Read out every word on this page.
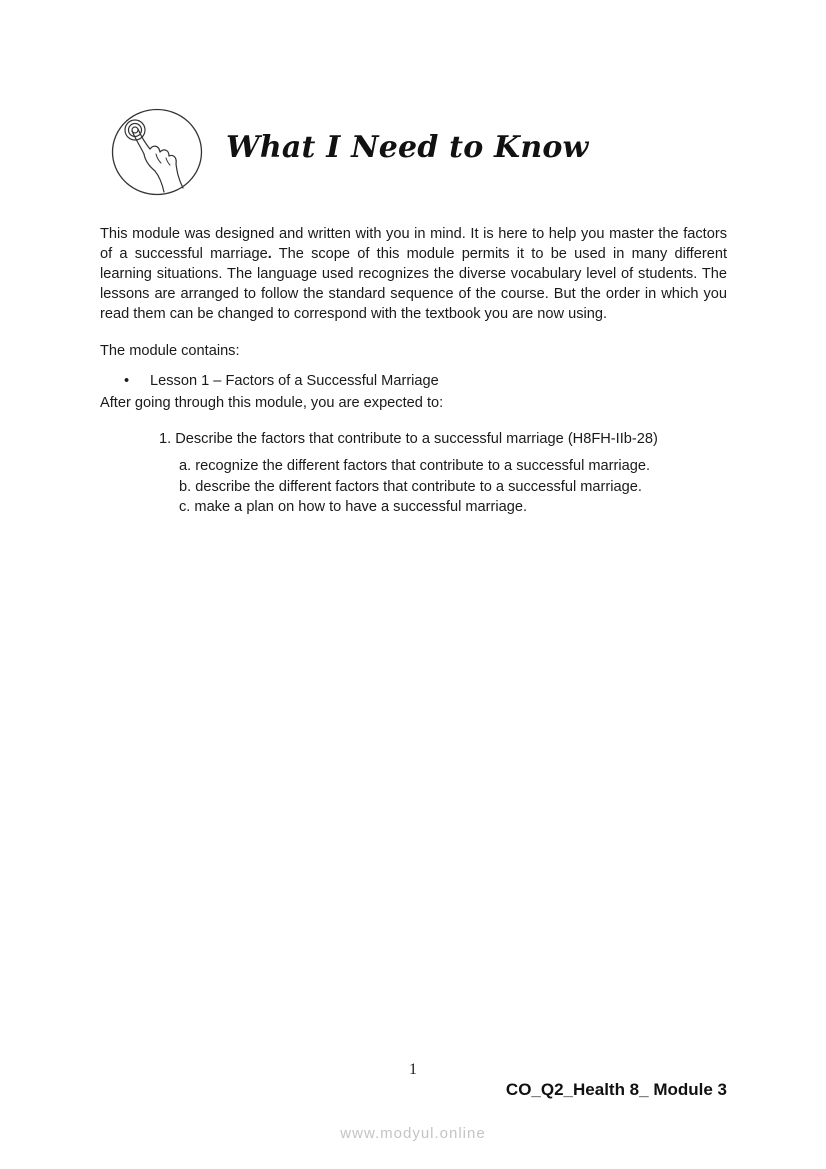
What I Need to Know

This module was designed and written with you in mind. It is here to help you master the factors of a successful marriage. The scope of this module permits it to be used in many different learning situations. The language used recognizes the diverse vocabulary level of students. The lessons are arranged to follow the standard sequence of the course. But the order in which you read them can be changed to correspond with the textbook you are now using.

The module contains:

• Lesson 1 – Factors of a Successful Marriage

After going through this module, you are expected to:

1. Describe the factors that contribute to a successful marriage (H8FH-IIb-28)

a. recognize the different factors that contribute to a successful marriage.
b. describe the different factors that contribute to a successful marriage.
c. make a plan on how to have a successful marriage.
1
CO_Q2_Health 8_ Module 3
www.modyul.online
